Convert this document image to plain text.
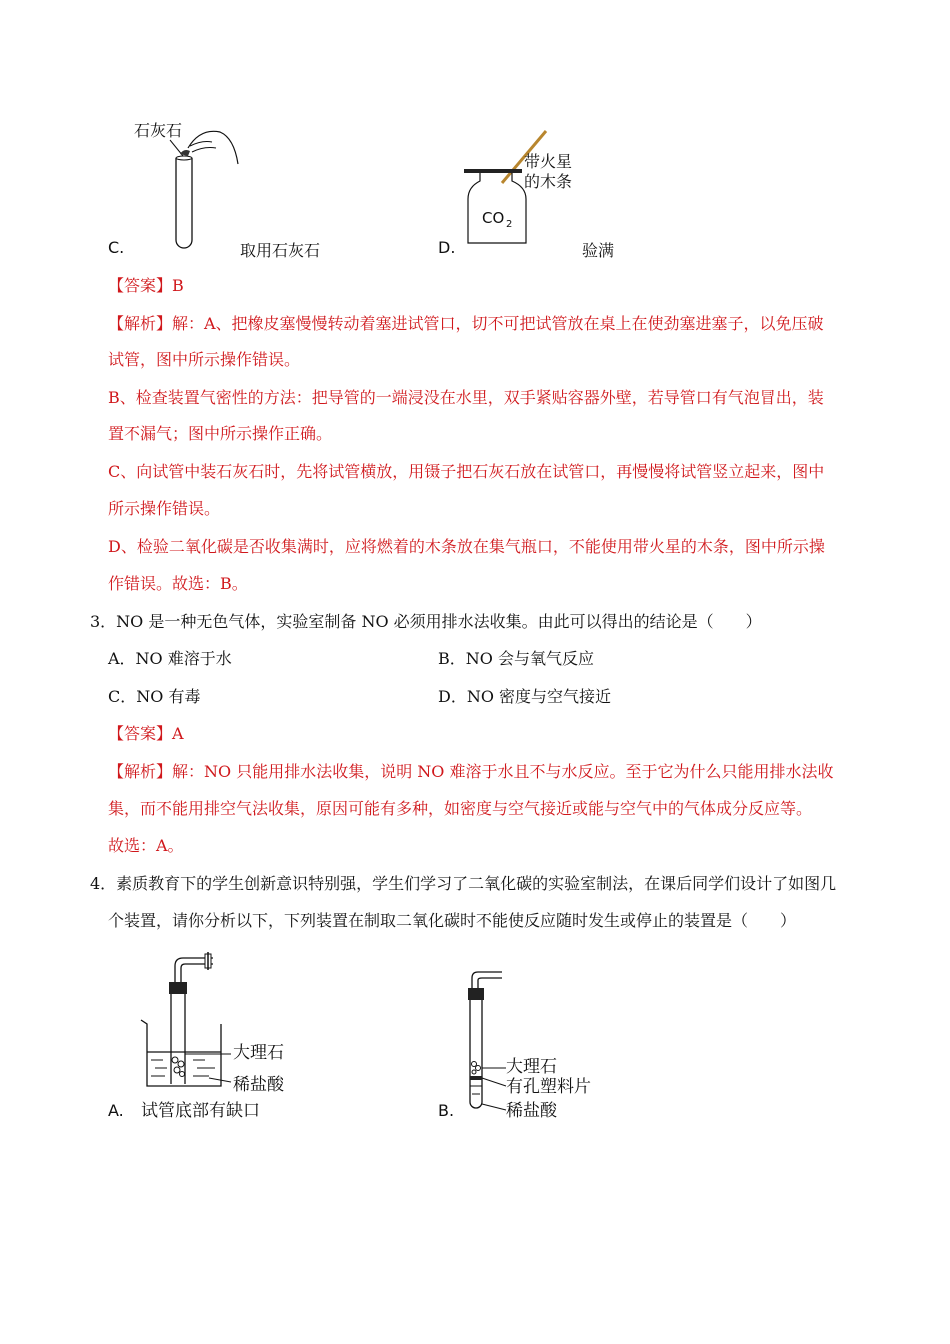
石灰石
C.	取用石灰石
CO 2
带火星
的木条
D.	验满
【答案】B
【解析】解：A、把橡皮塞慢慢转动着塞进试管口，切不可把试管放在桌上在使劲塞进塞子，以免压破
试管，图中所示操作错误。
B、检查装置气密性的方法：把导管的一端浸没在水里，双手紧贴容器外壁，若导管口有气泡冒出，装
置不漏气；图中所示操作正确。
C、向试管中装石灰石时，先将试管横放，用镊子把石灰石放在试管口，再慢慢将试管竖立起来，图中
所示操作错误。
D、检验二氧化碳是否收集满时，应将燃着的木条放在集气瓶口，不能使用带火星的木条，图中所示操
作错误。故选：B。
3．NO 是一种无色气体，实验室制备 NO 必须用排水法收集。由此可以得出的结论是（　　）
A．NO 难溶于水	B．NO 会与氧气反应
C．NO 有毒	D．NO 密度与空气接近
【答案】A
【解析】解：NO 只能用排水法收集，说明 NO 难溶于水且不与水反应。至于它为什么只能用排水法收
集，而不能用排空气法收集，原因可能有多种，如密度与空气接近或能与空气中的气体成分反应等。
故选：A。
4．素质教育下的学生创新意识特别强，学生们学习了二氧化碳的实验室制法，在课后同学们设计了如图几
个装置，请你分析以下，下列装置在制取二氧化碳时不能使反应随时发生或停止的装置是（　　）
大理石
稀盐酸
试管底部有缺口
A.
大理石
有孔塑料片
稀盐酸
B.
